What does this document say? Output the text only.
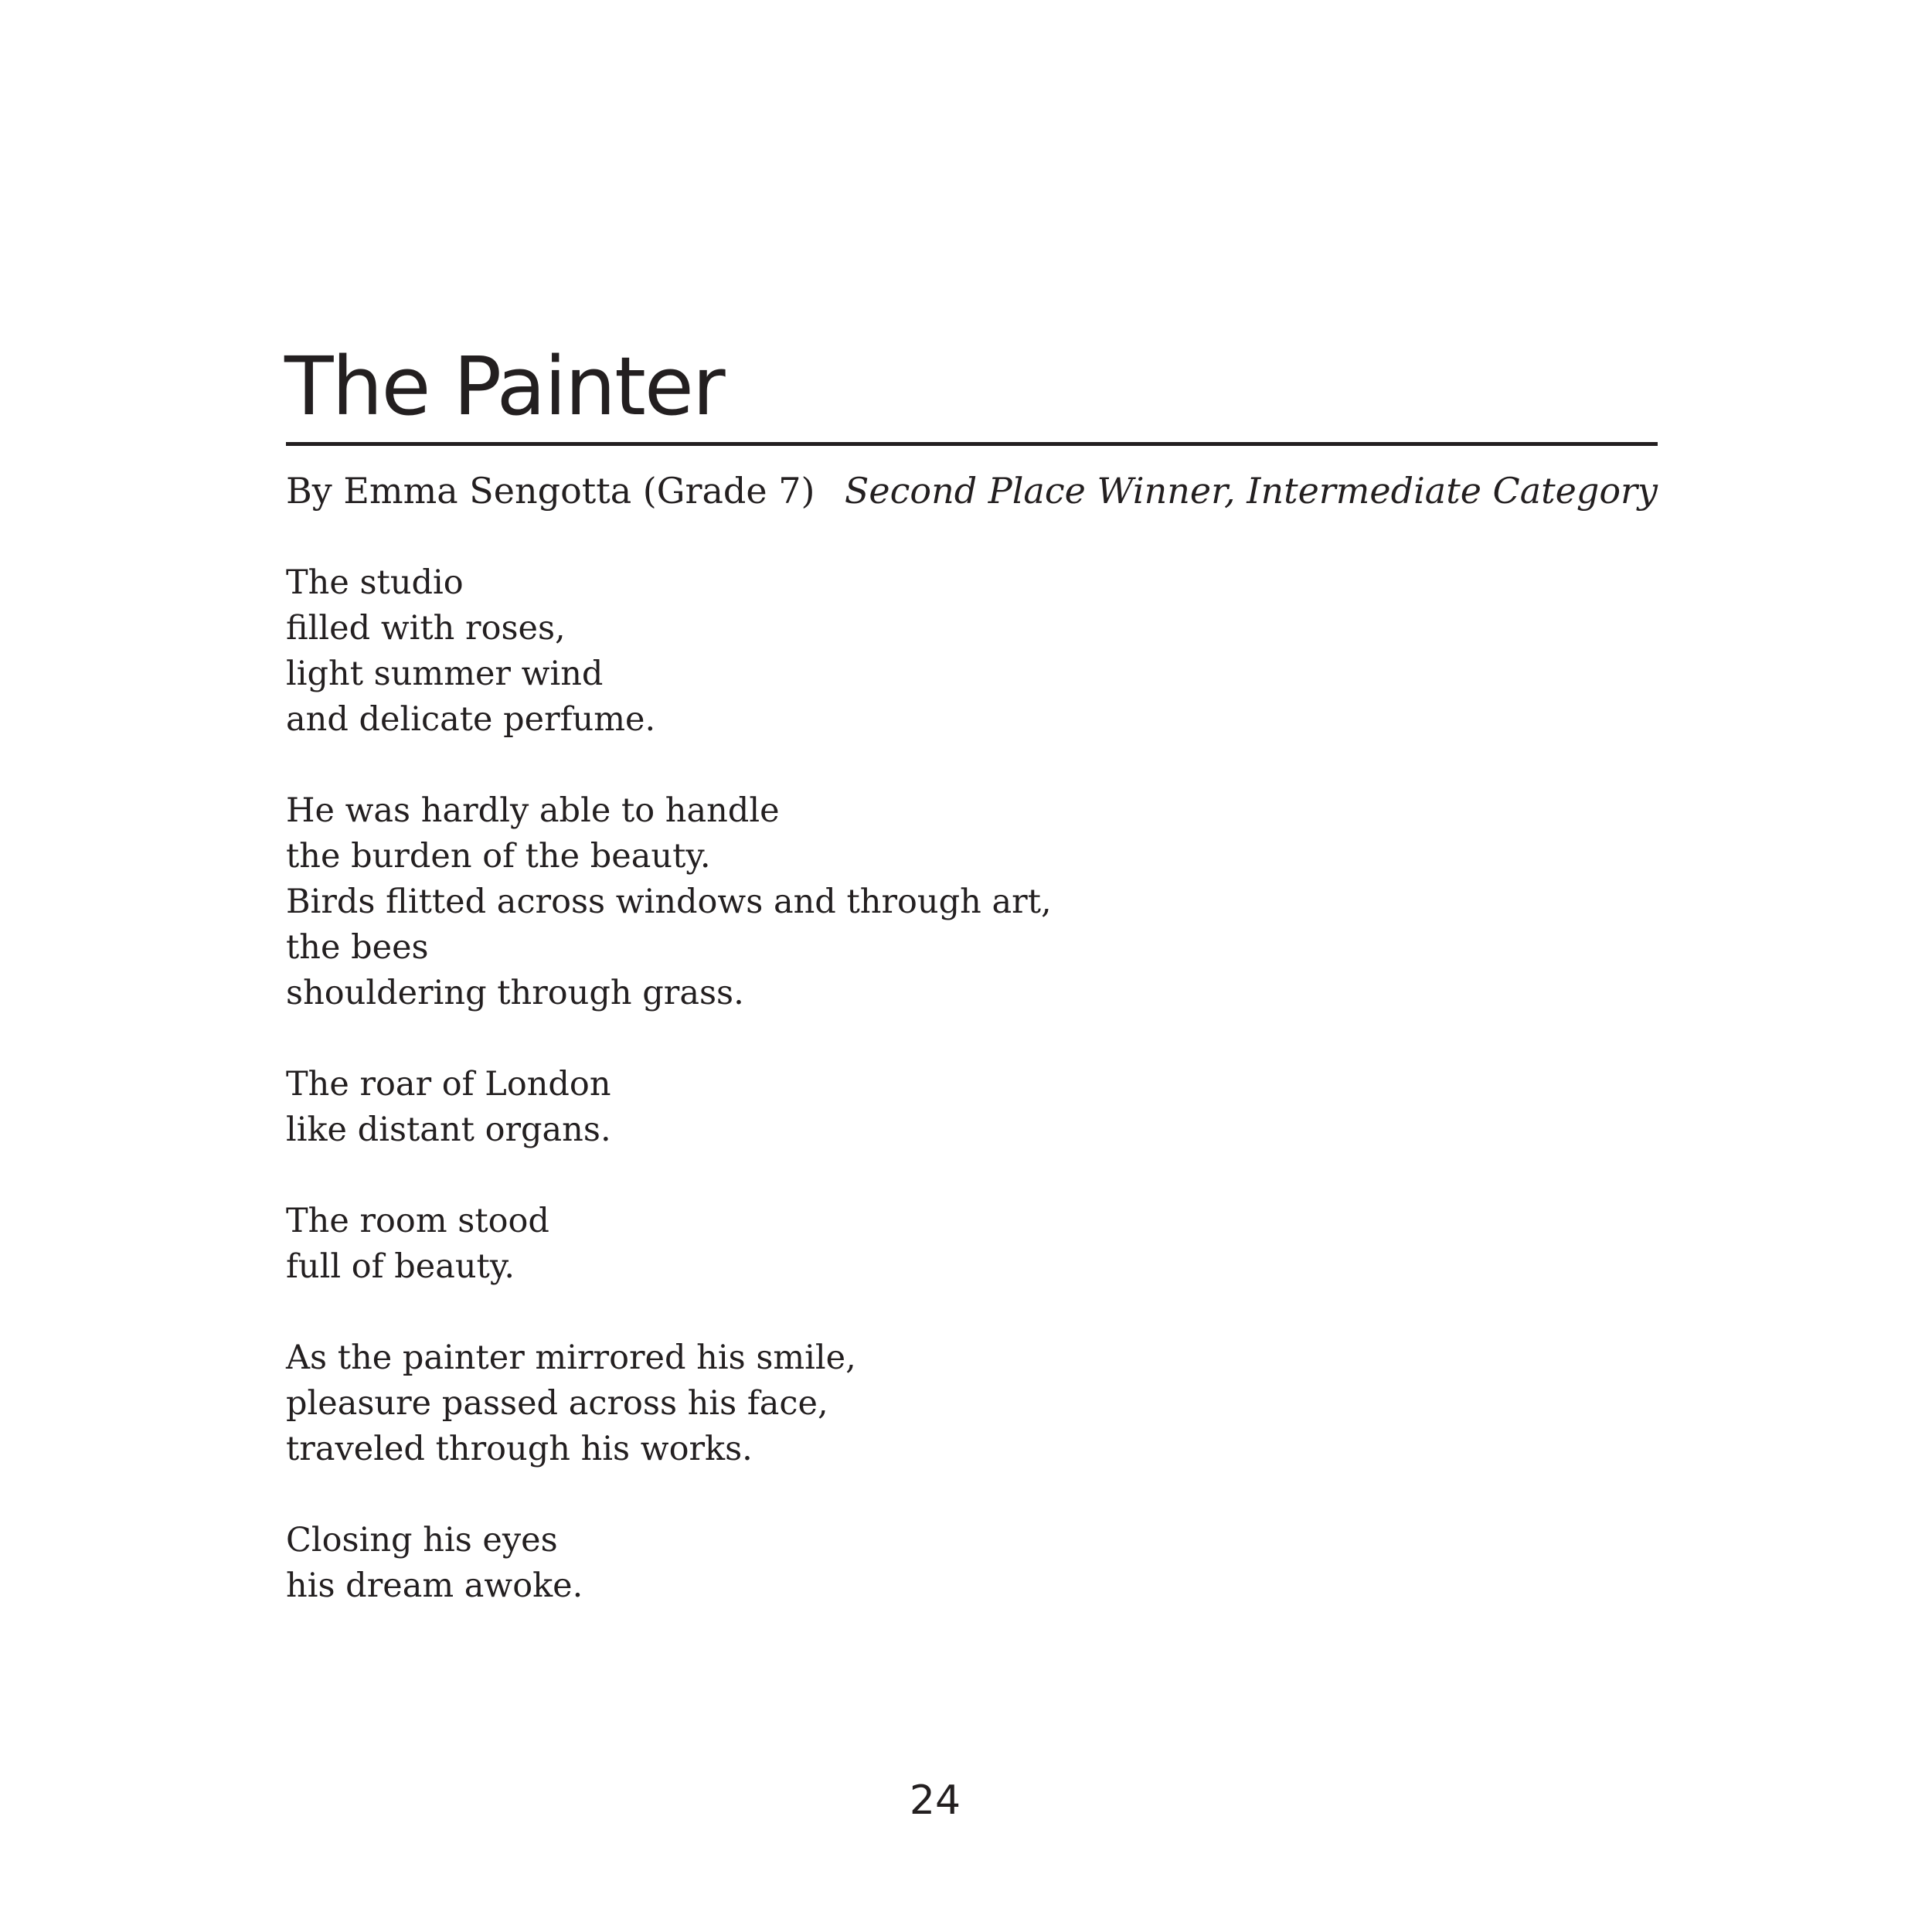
The Painter
By Emma Sengotta (Grade 7) Second Place Winner, Intermediate Category
The studio
filled with roses,
light summer wind
and delicate perfume.
He was hardly able to handle
the burden of the beauty.
Birds flitted across windows and through art,
the bees
shouldering through grass.
The roar of London
like distant organs.
The room stood
full of beauty.
As the painter mirrored his smile,
pleasure passed across his face,
traveled through his works.
Closing his eyes
his dream awoke.
24
